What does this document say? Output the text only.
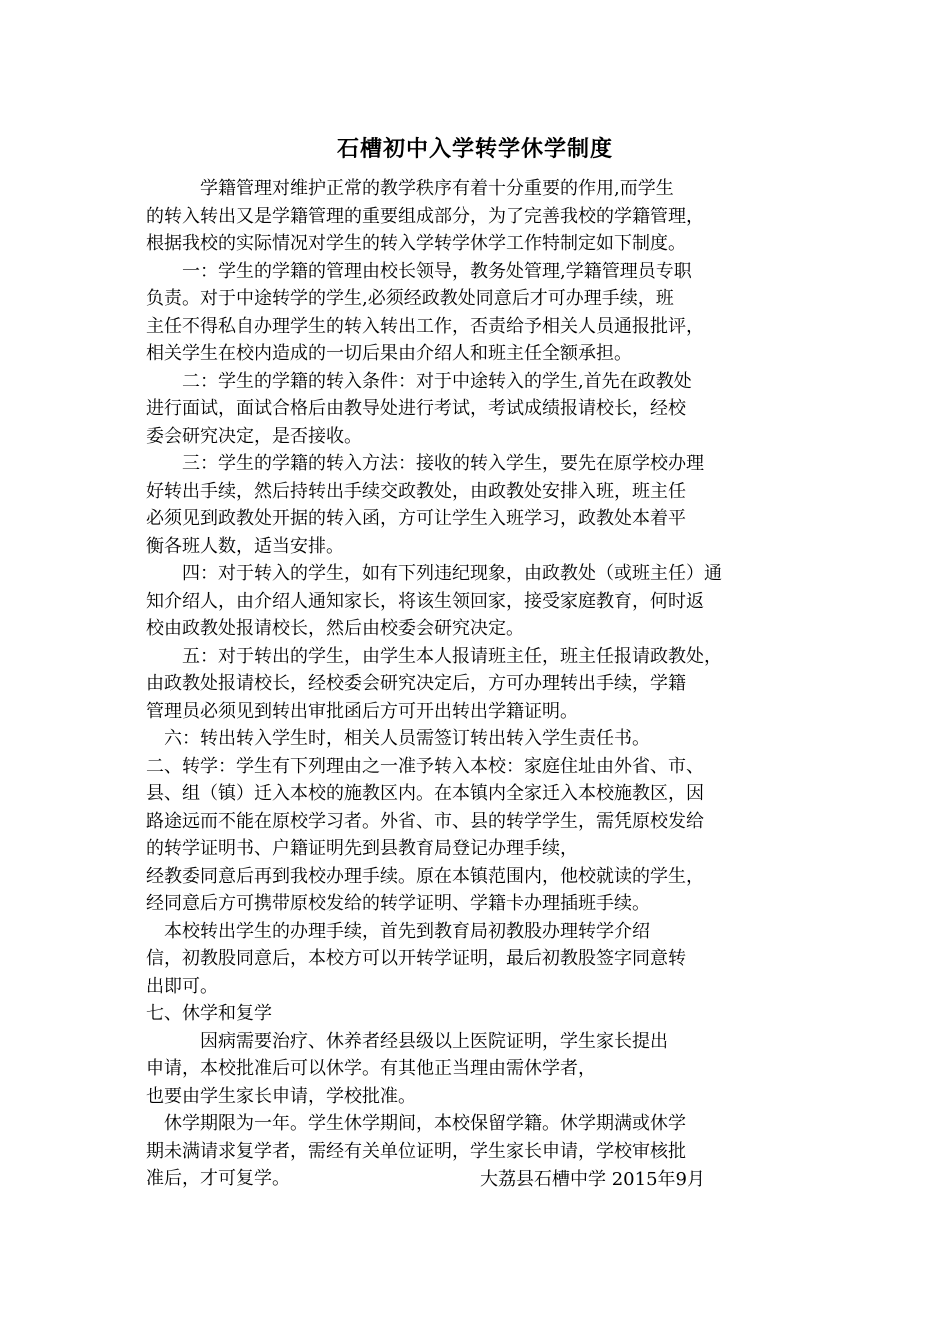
石槽初中入学转学休学制度
　　　学籍管理对维护正常的教学秩序有着十分重要的作用,而学生
的转入转出又是学籍管理的重要组成部分，为了完善我校的学籍管理，
根据我校的实际情况对学生的转入学转学休学工作特制定如下制度。
　　一：学生的学籍的管理由校长领导，教务处管理,学籍管理员专职
负责。对于中途转学的学生,必须经政教处同意后才可办理手续，班
主任不得私自办理学生的转入转出工作，否责给予相关人员通报批评，
相关学生在校内造成的一切后果由介绍人和班主任全额承担。
　　二：学生的学籍的转入条件：对于中途转入的学生,首先在政教处
进行面试，面试合格后由教导处进行考试，考试成绩报请校长，经校
委会研究决定，是否接收。
　　三：学生的学籍的转入方法：接收的转入学生，要先在原学校办理
好转出手续，然后持转出手续交政教处，由政教处安排入班，班主任
必须见到政教处开据的转入函，方可让学生入班学习，政教处本着平
衡各班人数，适当安排。
　　四：对于转入的学生，如有下列违纪现象，由政教处（或班主任）通
知介绍人，由介绍人通知家长，将该生领回家，接受家庭教育，何时返
校由政教处报请校长，然后由校委会研究决定。
　　五：对于转出的学生，由学生本人报请班主任，班主任报请政教处，
由政教处报请校长，经校委会研究决定后，方可办理转出手续，学籍
管理员必须见到转出审批函后方可开出转出学籍证明。
　六：转出转入学生时，相关人员需签订转出转入学生责任书。
二、转学：学生有下列理由之一准予转入本校：家庭住址由外省、市、
县、组（镇）迁入本校的施教区内。在本镇内全家迁入本校施教区，因
路途远而不能在原校学习者。外省、市、县的转学学生，需凭原校发给
的转学证明书、户籍证明先到县教育局登记办理手续，
经教委同意后再到我校办理手续。原在本镇范围内，他校就读的学生，
经同意后方可携带原校发给的转学证明、学籍卡办理插班手续。
　本校转出学生的办理手续，首先到教育局初教股办理转学介绍
信，初教股同意后，本校方可以开转学证明，最后初教股签字同意转
出即可。
七、休学和复学
　　　因病需要治疗、休养者经县级以上医院证明，学生家长提出
申请，本校批准后可以休学。有其他正当理由需休学者，
也要由学生家长申请，学校批准。
　休学期限为一年。学生休学期间，本校保留学籍。休学期满或休学
期未满请求复学者，需经有关单位证明，学生家长申请，学校审核批
准后，才可复学。	大荔县石槽中学 2015年9月
